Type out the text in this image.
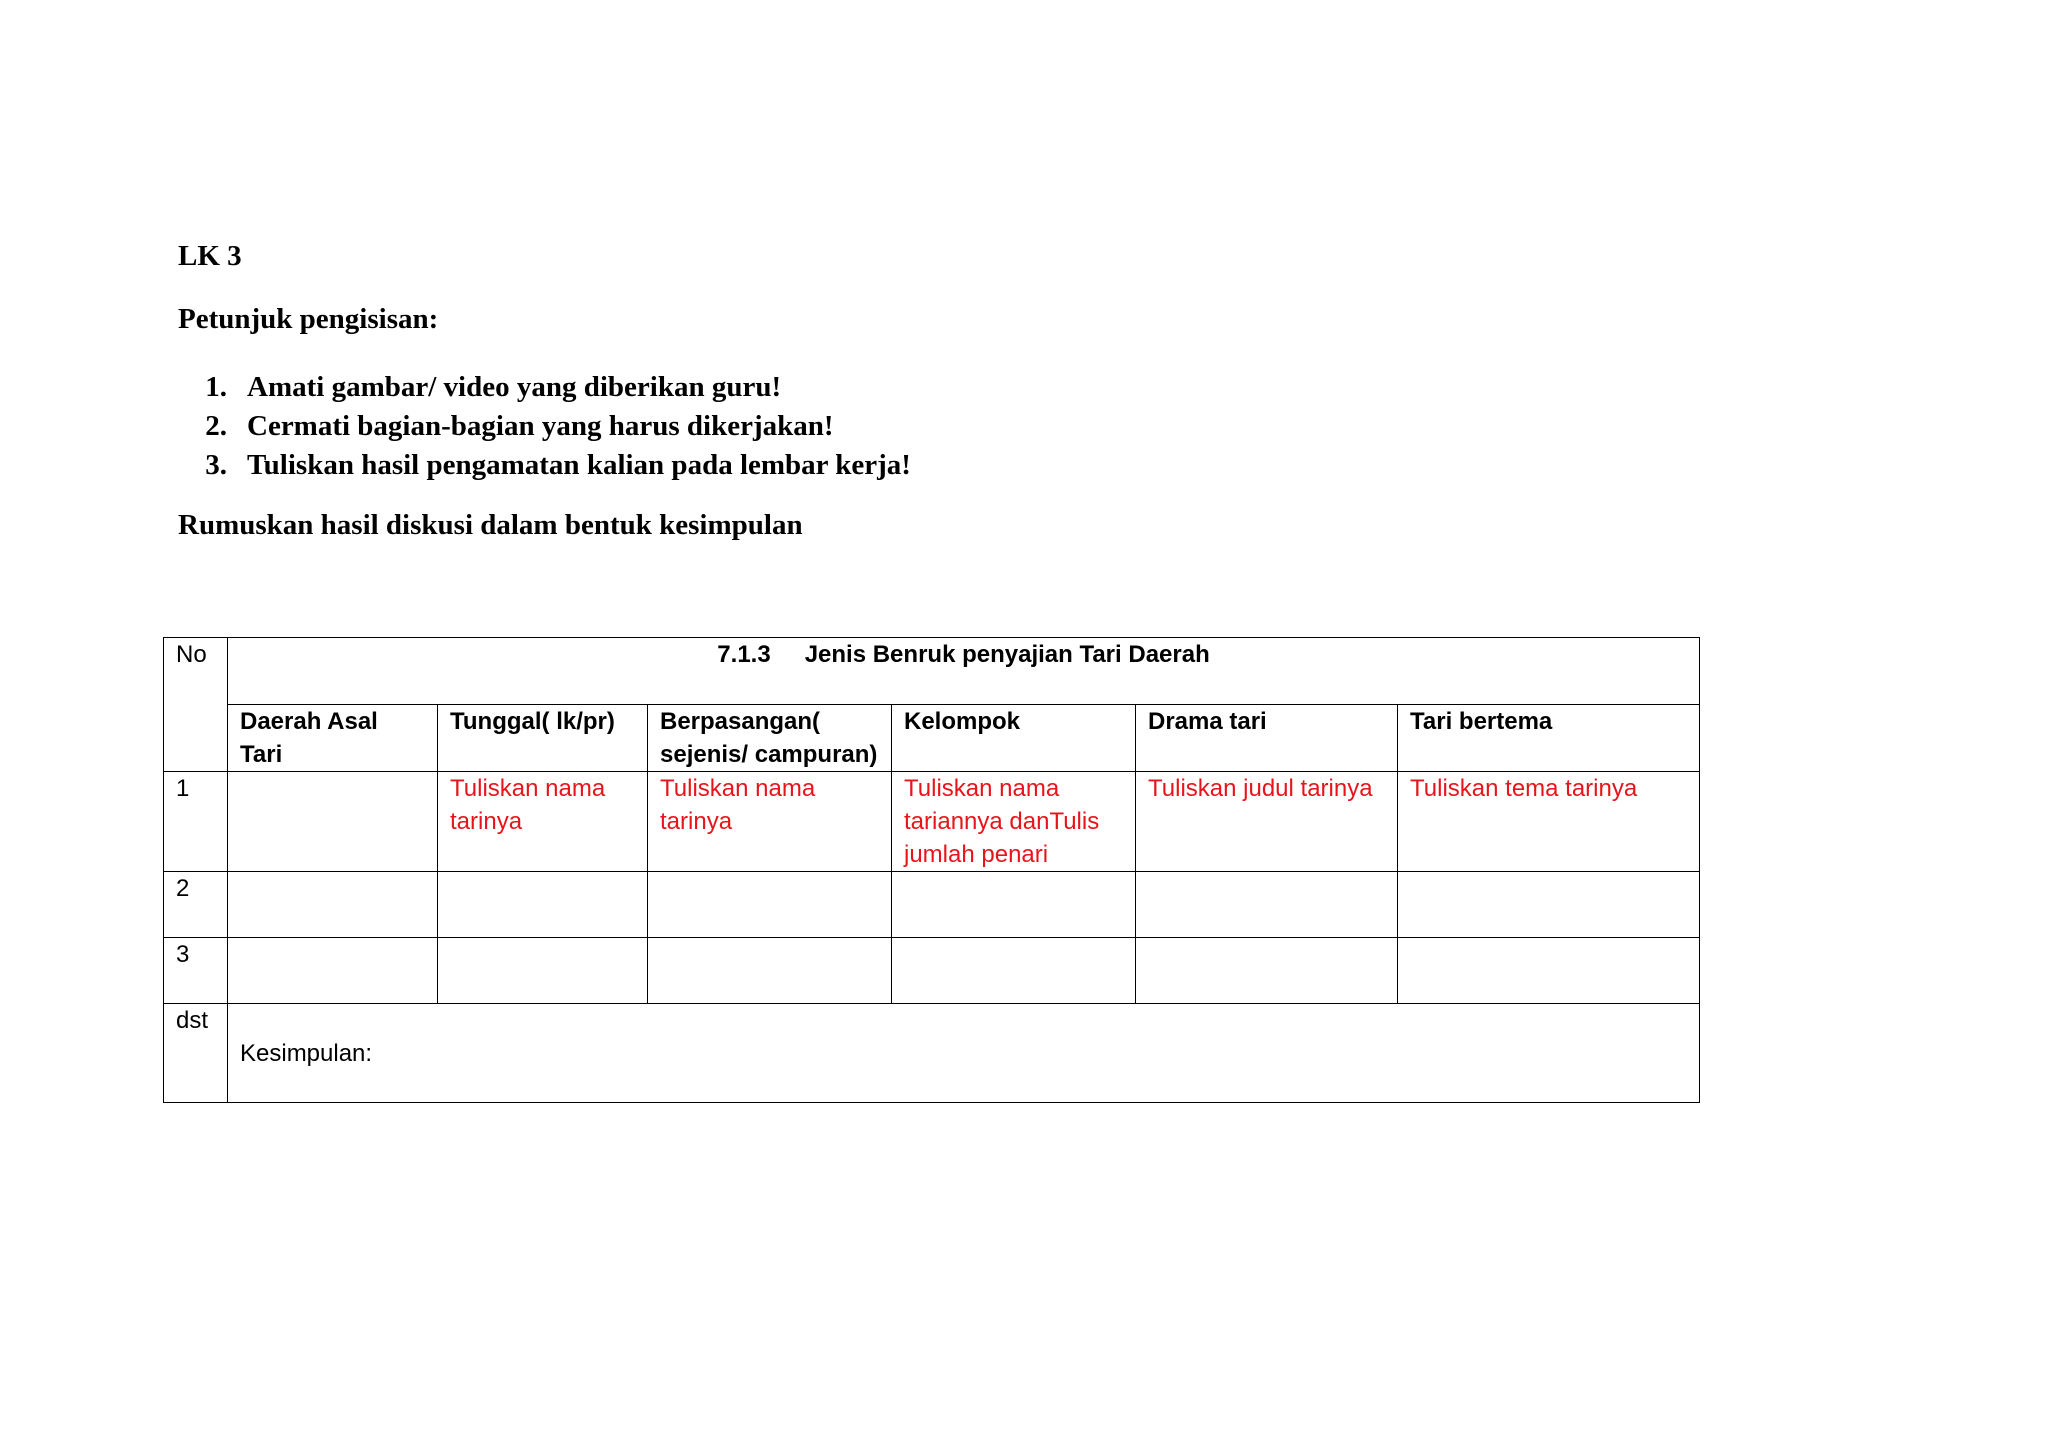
LK 3
Petunjuk pengisisan:
1. Amati gambar/ video yang diberikan guru!
2. Cermati bagian-bagian yang harus dikerjakan!
3. Tuliskan hasil pengamatan kalian pada lembar kerja!
Rumuskan hasil diskusi dalam bentuk kesimpulan
No	7.1.3 Jenis Benruk penyajian Tari Daerah					
	Daerah Asal Tari	Tunggal( lk/pr)	Berpasangan( sejenis/ campuran)	Kelompok	Drama tari	Tari bertema
1		Tuliskan nama tarinya	Tuliskan nama tarinya	Tuliskan nama tariannya danTulis jumlah penari	Tuliskan judul tarinya	Tuliskan tema tarinya
2						
3						
dst	Kesimpulan:					
